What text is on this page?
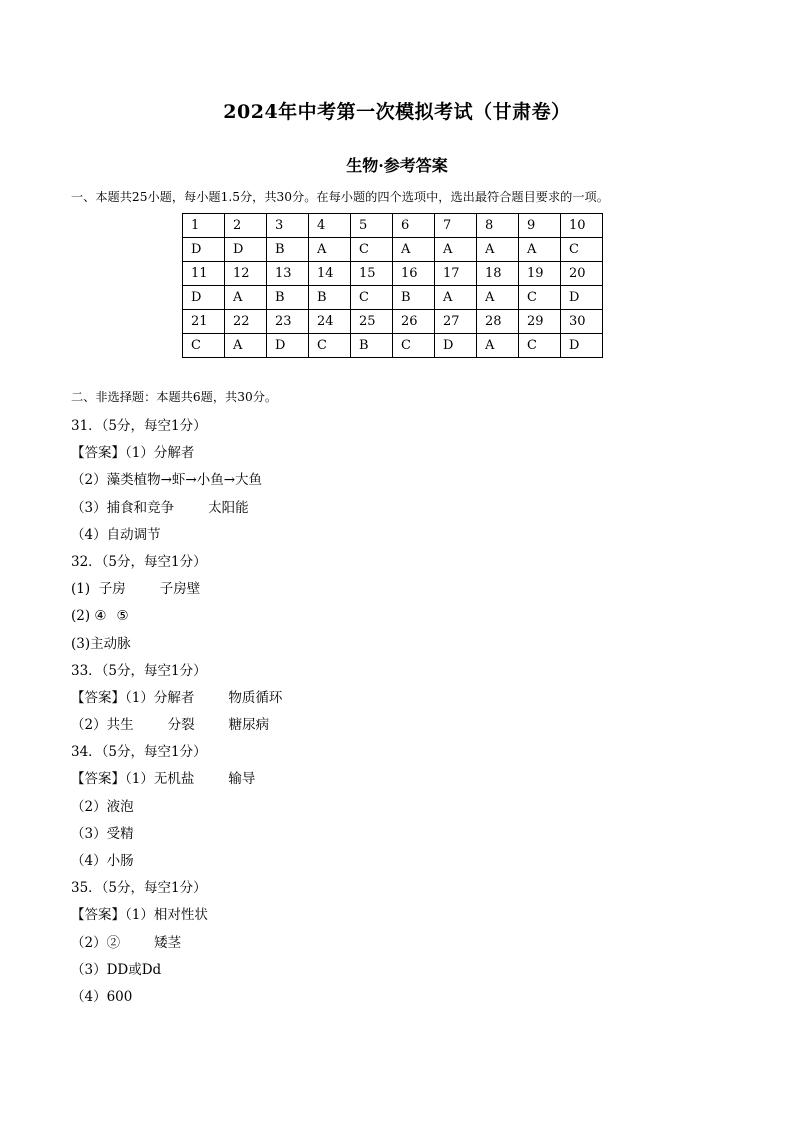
2024年中考第一次模拟考试（甘肃卷）
生物·参考答案
一、本题共25小题，每小题1.5分，共30分。在每小题的四个选项中，选出最符合题目要求的一项。
1	2	3	4	5	6	7	8	9	10
D	D	B	A	C	A	A	A	A	C
11	12	13	14	15	16	17	18	19	20
D	A	B	B	C	B	A	A	C	D
21	22	23	24	25	26	27	28	29	30
C	A	D	C	B	C	D	A	C	D
二、非选择题：本题共6题，共30分。
31．（5分，每空1分）
【答案】（1）分解者
（2）藻类植物→虾→小鱼→大鱼
（3）捕食和竞争	太阳能
（4）自动调节
32．（5分，每空1分）
(1)  子房	子房壁
(2) ④ ⑤
(3)主动脉
33．（5分，每空1分）
【答案】（1）分解者	物质循环
（2）共生	分裂	糖尿病
34．（5分，每空1分）
【答案】（1）无机盐	输导
（2）液泡
（3）受精
（4）小肠
35．（5分，每空1分）
【答案】（1）相对性状
（2）②	矮茎
（3）DD或Dd
（4）600
